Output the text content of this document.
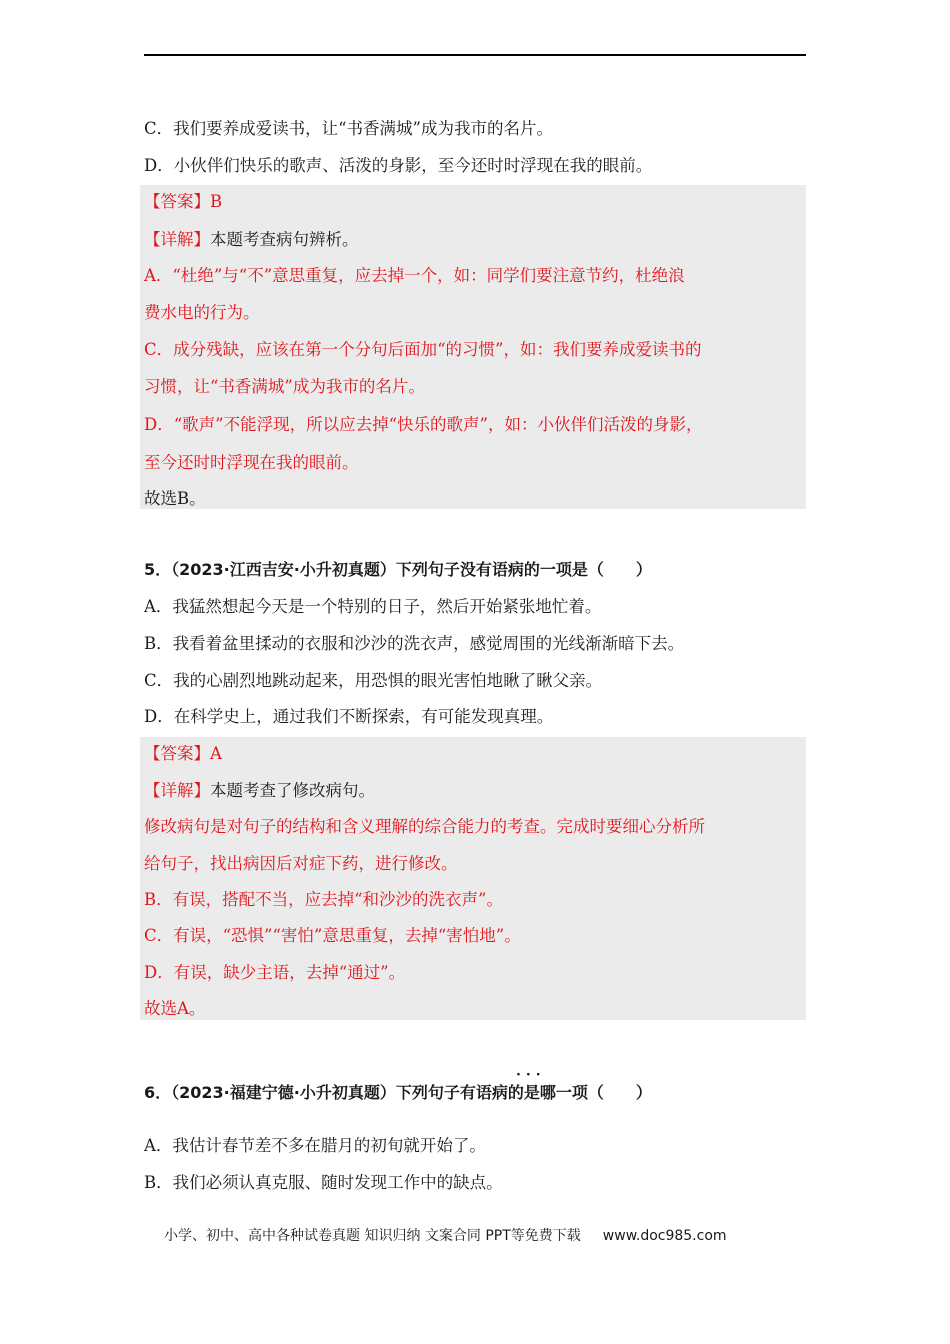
C．我们要养成爱读书，让“书香满城”成为我市的名片。
D．小伙伴们快乐的歌声、活泼的身影，至今还时时浮现在我的眼前。
【答案】B
【详解】本题考查病句辨析。
A．“杜绝”与“不”意思重复，应去掉一个，如：同学们要注意节约，杜绝浪
费水电的行为。
C．成分残缺，应该在第一个分句后面加“的习惯”，如：我们要养成爱读书的
习惯，让“书香满城”成为我市的名片。
D．“歌声”不能浮现，所以应去掉“快乐的歌声”，如：小伙伴们活泼的身影，
至今还时时浮现在我的眼前。
故选B。
5．（2023·江西吉安·小升初真题）下列句子没有语病的一项是（　　）
A．我猛然想起今天是一个特别的日子，然后开始紧张地忙着。
B．我看着盆里揉动的衣服和沙沙的洗衣声，感觉周围的光线渐渐暗下去。
C．我的心剧烈地跳动起来，用恐惧的眼光害怕地瞅了瞅父亲。
D．在科学史上，通过我们不断探索，有可能发现真理。
【答案】A
【详解】本题考查了修改病句。
修改病句是对句子的结构和含义理解的综合能力的考查。完成时要细心分析所
给句子，找出病因后对症下药，进行修改。
B．有误，搭配不当，应去掉“和沙沙的洗衣声”。
C．有误，“恐惧”“害怕”意思重复，去掉“害怕地”。
D．有误，缺少主语，去掉“通过”。
故选A。
···
6．（2023·福建宁德·小升初真题）下列句子有语病的是哪一项（　　）
A．我估计春节差不多在腊月的初旬就开始了。
B．我们必须认真克服、随时发现工作中的缺点。
小学、初中、高中各种试卷真题 知识归纳 文案合同 PPT等免费下载 www.doc985.com
